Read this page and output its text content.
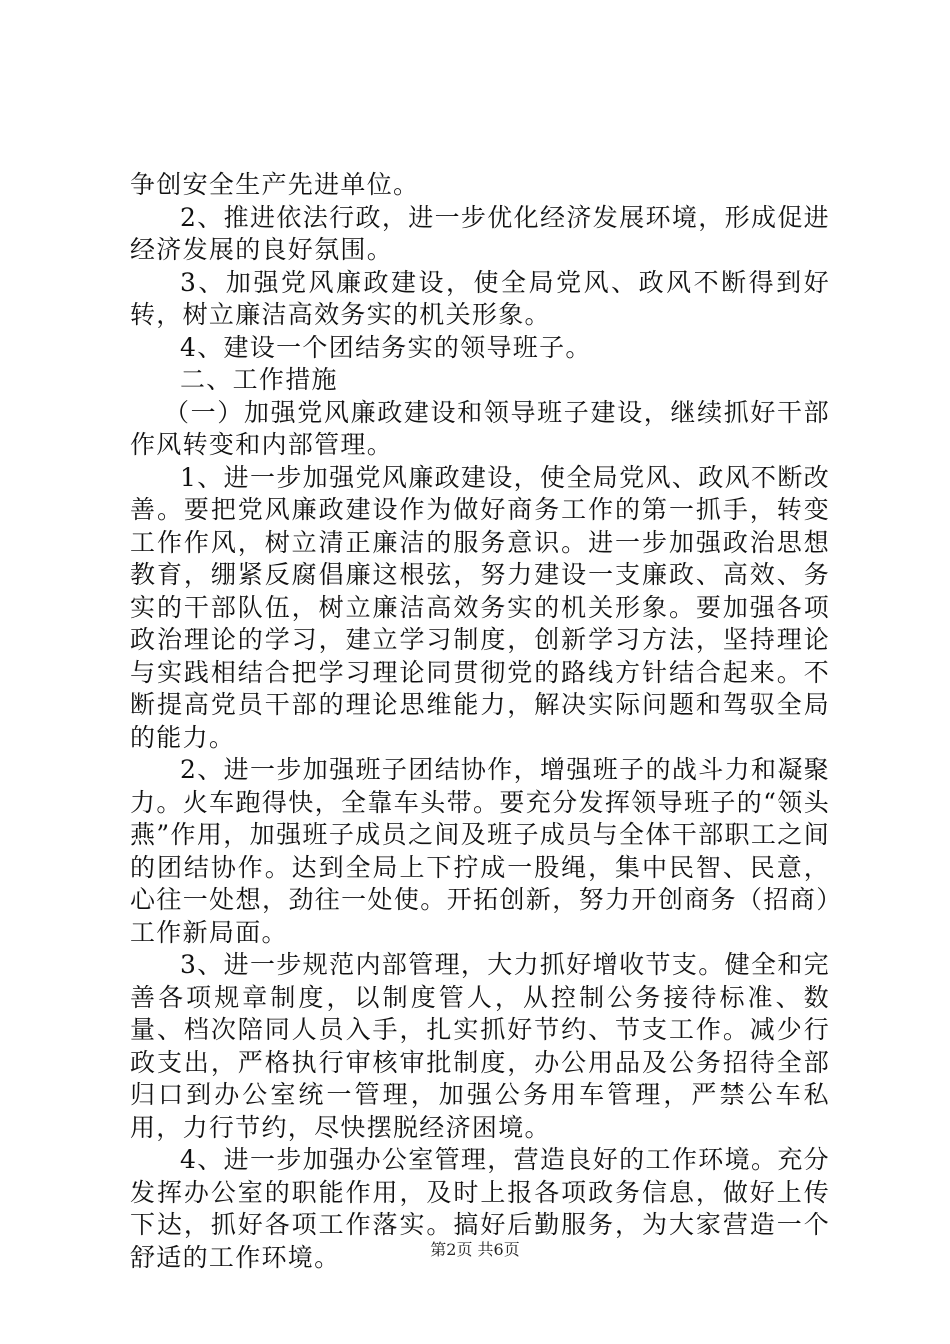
争创安全生产先进单位。

2、推进依法行政，进一步优化经济发展环境，形成促进经济发展的良好氛围。

3、加强党风廉政建设，使全局党风、政风不断得到好转，树立廉洁高效务实的机关形象。

4、建设一个团结务实的领导班子。

二、工作措施

（一）加强党风廉政建设和领导班子建设，继续抓好干部作风转变和内部管理。

1、进一步加强党风廉政建设，使全局党风、政风不断改善。要把党风廉政建设作为做好商务工作的第一抓手，转变工作作风，树立清正廉洁的服务意识。进一步加强政治思想教育，绷紧反腐倡廉这根弦，努力建设一支廉政、高效、务实的干部队伍，树立廉洁高效务实的机关形象。要加强各项政治理论的学习，建立学习制度，创新学习方法，坚持理论与实践相结合把学习理论同贯彻党的路线方针结合起来。不断提高党员干部的理论思维能力，解决实际问题和驾驭全局的能力。

2、进一步加强班子团结协作，增强班子的战斗力和凝聚力。火车跑得快，全靠车头带。要充分发挥领导班子的“领头燕”作用，加强班子成员之间及班子成员与全体干部职工之间的团结协作。达到全局上下拧成一股绳，集中民智、民意，心往一处想，劲往一处使。开拓创新，努力开创商务（招商）工作新局面。

3、进一步规范内部管理，大力抓好增收节支。健全和完善各项规章制度，以制度管人，从控制公务接待标准、数量、档次陪同人员入手，扎实抓好节约、节支工作。减少行政支出，严格执行审核审批制度，办公用品及公务招待全部归口到办公室统一管理，加强公务用车管理，严禁公车私用，力行节约，尽快摆脱经济困境。

4、进一步加强办公室管理，营造良好的工作环境。充分发挥办公室的职能作用，及时上报各项政务信息，做好上传下达，抓好各项工作落实。搞好后勤服务，为大家营造一个舒适的工作环境。	第2页 共6页
